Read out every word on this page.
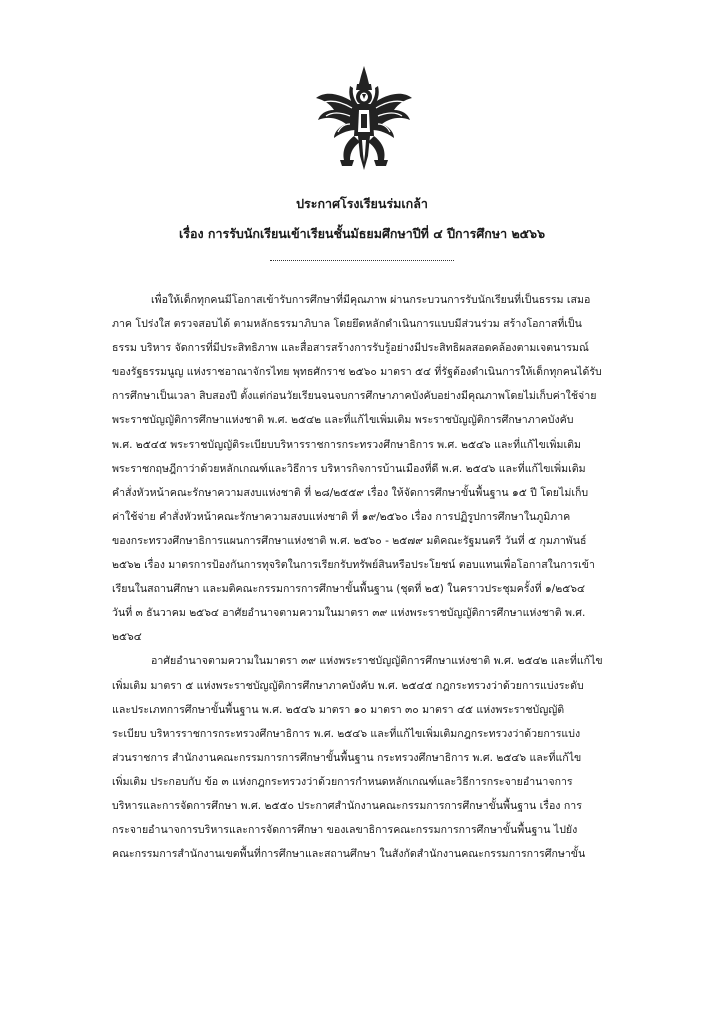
ประกาศโรงเรียนร่มเกล้า
เรื่อง การรับนักเรียนเข้าเรียนชั้นมัธยมศึกษาปีที่ ๔ ปีการศึกษา ๒๕๖๖
เพื่อให้เด็กทุกคนมีโอกาสเข้ารับการศึกษาที่มีคุณภาพ ผ่านกระบวนการรับนักเรียนที่เป็นธรรม เสมอ
ภาค โปร่งใส ตรวจสอบได้ ตามหลักธรรมาภิบาล โดยยึดหลักดำเนินการแบบมีส่วนร่วม สร้างโอกาสที่เป็น
ธรรม บริหาร จัดการที่มีประสิทธิภาพ และสื่อสารสร้างการรับรู้อย่างมีประสิทธิผลสอดคล้องตามเจตนารมณ์
ของรัฐธรรมนูญ แห่งราชอาณาจักรไทย พุทธศักราช ๒๕๖๐ มาตรา ๕๔ ที่รัฐต้องดำเนินการให้เด็กทุกคนได้รับ
การศึกษาเป็นเวลา สิบสองปี ตั้งแต่ก่อนวัยเรียนจนจบการศึกษาภาคบังคับอย่างมีคุณภาพโดยไม่เก็บค่าใช้จ่าย
พระราชบัญญัติการศึกษาแห่งชาติ พ.ศ. ๒๕๔๒ และที่แก้ไขเพิ่มเติม พระราชบัญญัติการศึกษาภาคบังคับ
พ.ศ. ๒๕๔๕ พระราชบัญญัติระเบียบบริหารราชการกระทรวงศึกษาธิการ พ.ศ. ๒๕๔๖ และที่แก้ไขเพิ่มเติม
พระราชกฤษฎีกาว่าด้วยหลักเกณฑ์และวิธีการ บริหารกิจการบ้านเมืองที่ดี พ.ศ. ๒๕๔๖ และที่แก้ไขเพิ่มเติม
คำสั่งหัวหน้าคณะรักษาความสงบแห่งชาติ ที่ ๒๘/๒๕๕๙ เรื่อง ให้จัดการศึกษาขั้นพื้นฐาน ๑๕ ปี โดยไม่เก็บ
ค่าใช้จ่าย คำสั่งหัวหน้าคณะรักษาความสงบแห่งชาติ ที่ ๑๙/๒๕๖๐ เรื่อง การปฏิรูปการศึกษาในภูมิภาค
ของกระทรวงศึกษาธิการแผนการศึกษาแห่งชาติ พ.ศ. ๒๕๖๐ - ๒๕๗๙ มติคณะรัฐมนตรี วันที่ ๕ กุมภาพันธ์
๒๕๖๒ เรื่อง มาตรการป้องกันการทุจริตในการเรียกรับทรัพย์สินหรือประโยชน์ ตอบแทนเพื่อโอกาสในการเข้า
เรียนในสถานศึกษา และมติคณะกรรมการการศึกษาขั้นพื้นฐาน (ชุดที่ ๒๕) ในคราวประชุมครั้งที่ ๑/๒๕๖๔
วันที่ ๓ ธันวาคม ๒๕๖๔ อาศัยอำนาจตามความในมาตรา ๓๙ แห่งพระราชบัญญัติการศึกษาแห่งชาติ พ.ศ.
๒๕๖๔
อาศัยอำนาจตามความในมาตรา ๓๙ แห่งพระราชบัญญัติการศึกษาแห่งชาติ พ.ศ. ๒๕๔๒ และที่แก้ไข
เพิ่มเติม มาตรา ๕ แห่งพระราชบัญญัติการศึกษาภาคบังคับ พ.ศ. ๒๕๔๕ กฎกระทรวงว่าด้วยการแบ่งระดับ
และประเภทการศึกษาขั้นพื้นฐาน พ.ศ. ๒๕๔๖ มาตรา ๑๐ มาตรา ๓๐ มาตรา ๔๕ แห่งพระราชบัญญัติ
ระเบียบ บริหารราชการกระทรวงศึกษาธิการ พ.ศ. ๒๕๔๖ และที่แก้ไขเพิ่มเติมกฎกระทรวงว่าด้วยการแบ่ง
ส่วนราชการ สำนักงานคณะกรรมการการศึกษาขั้นพื้นฐาน กระทรวงศึกษาธิการ พ.ศ. ๒๕๔๖ และที่แก้ไข
เพิ่มเติม ประกอบกับ ข้อ ๓ แห่งกฎกระทรวงว่าด้วยการกำหนดหลักเกณฑ์และวิธีการกระจายอำนาจการ
บริหารและการจัดการศึกษา พ.ศ. ๒๕๕๐ ประกาศสำนักงานคณะกรรมการการศึกษาขั้นพื้นฐาน เรื่อง การ
กระจายอำนาจการบริหารและการจัดการศึกษา ของเลขาธิการคณะกรรมการการศึกษาขั้นพื้นฐาน ไปยัง
คณะกรรมการสำนักงานเขตพื้นที่การศึกษาและสถานศึกษา ในสังกัดสำนักงานคณะกรรมการการศึกษาขั้น
